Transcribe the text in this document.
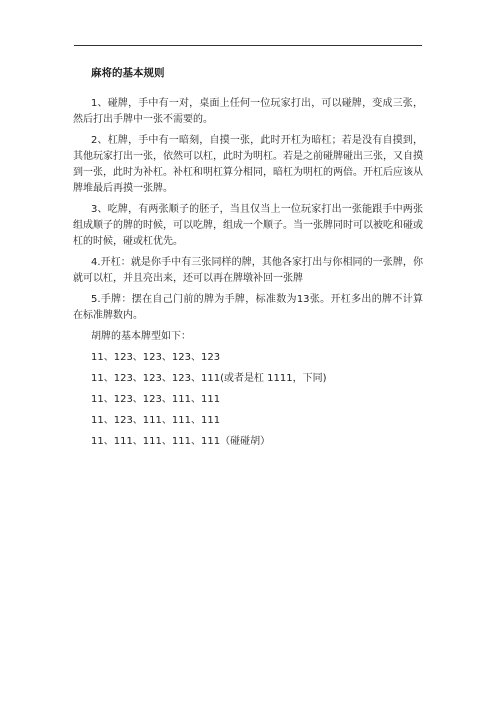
麻将的基本规则

1、碰牌，手中有一对，桌面上任何一位玩家打出，可以碰牌，变成三张，然后打出手牌中一张不需要的。

2、杠牌，手中有一暗刻，自摸一张，此时开杠为暗杠；若是没有自摸到，其他玩家打出一张，依然可以杠，此时为明杠。若是之前碰牌碰出三张，又自摸到一张，此时为补杠。补杠和明杠算分相同，暗杠为明杠的两倍。开杠后应该从牌堆最后再摸一张牌。

3、吃牌，有两张顺子的胚子，当且仅当上一位玩家打出一张能跟手中两张组成顺子的牌的时候，可以吃牌，组成一个顺子。当一张牌同时可以被吃和碰或杠的时候，碰或杠优先。

4.开杠：就是你手中有三张同样的牌，其他各家打出与你相同的一张牌，你就可以杠，并且亮出来，还可以再在牌墩补回一张牌

5.手牌：摆在自己门前的牌为手牌，标准数为13张。开杠多出的牌不计算在标准牌数内。

胡牌的基本牌型如下：
11、123、123、123、123
11、123、123、123、111(或者是杠 1111，下同)
11、123、123、111、111
11、123、111、111、111
11、111、111、111、111（碰碰胡）
